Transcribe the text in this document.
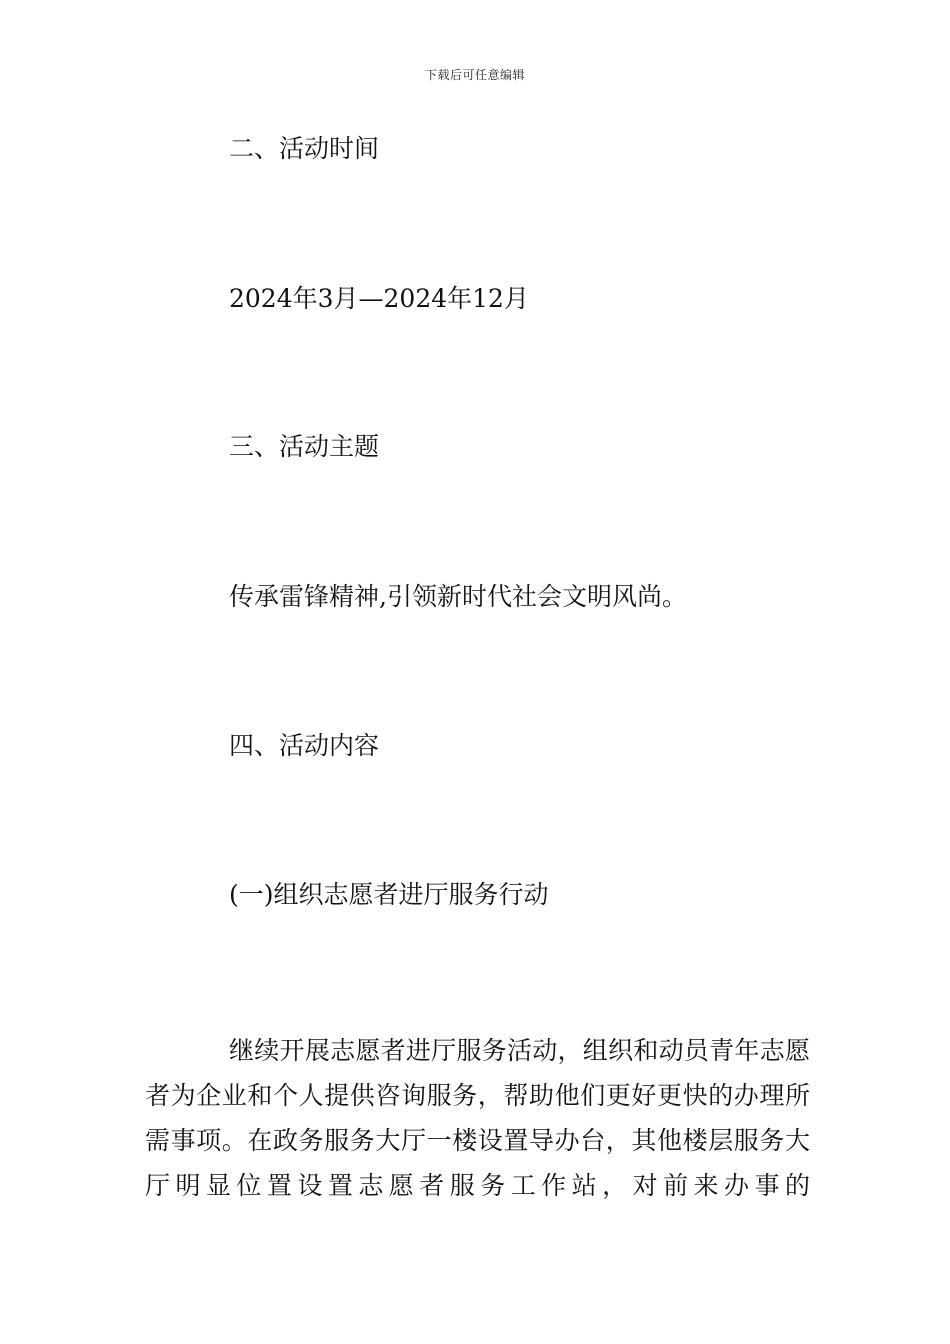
下载后可任意编辑
二、活动时间
2024年3月—2024年12月
三、活动主题
传承雷锋精神,引领新时代社会文明风尚。
四、活动内容
(一)组织志愿者进厅服务行动

继续开展志愿者进厅服务活动，组织和动员青年志愿者为企业和个人提供咨询服务，帮助他们更好更快的办理所需事项。在政务服务大厅一楼设置导办台，其他楼层服务大厅明显位置设置志愿者服务工作站，对前来办事的
